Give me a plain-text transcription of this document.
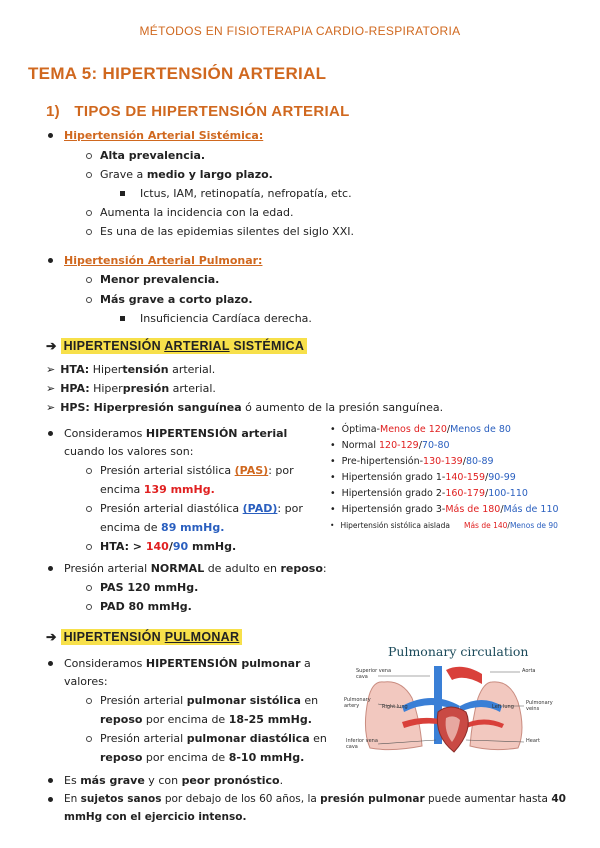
MÉTODOS EN FISIOTERAPIA CARDIO-RESPIRATORIA
TEMA 5: HIPERTENSIÓN ARTERIAL
1) TIPOS DE HIPERTENSIÓN ARTERIAL
Hipertensión Arterial Sistémica:
Alta prevalencia.
Grave a medio y largo plazo.
Ictus, IAM, retinopatía, nefropatía, etc.
Aumenta la incidencia con la edad.
Es una de las epidemias silentes del siglo XXI.
Hipertensión Arterial Pulmonar:
Menor prevalencia.
Más grave a corto plazo.
Insuficiencia Cardíaca derecha.
➔ HIPERTENSIÓN ARTERIAL SISTÉMICA
➢ HTA: Hipertensión arterial.
➢ HPA: Hiperpresión arterial.
➢ HPS: Hiperpresión sanguínea ó aumento de la presión sanguínea.
Consideramos HIPERTENSIÓN arterial
cuando los valores son:
Presión arterial sistólica (PAS): por
encima 139 mmHg.
Presión arterial diastólica (PAD): por
encima de 89 mmHg.
HTA: > 140/90 mmHg.
• Óptima-Menos de 120/Menos de 80
• Normal 120-129/70-80
• Pre-hipertensión-130-139/80-89
• Hipertensión grado 1-140-159/90-99
• Hipertensión grado 2-160-179/100-110
• Hipertensión grado 3-Más de 180/Más de 110
• Hipertensión sistólica aislada Más de 140/Menos de 90
Presión arterial NORMAL de adulto en reposo:
PAS 120 mmHg.
PAD 80 mmHg.
➔ HIPERTENSIÓN PULMONAR
Consideramos HIPERTENSIÓN pulmonar a
valores:
Presión arterial pulmonar sistólica en
reposo por encima de 18-25 mmHg.
Presión arterial pulmonar diastólica en
reposo por encima de 8-10 mmHg.
Es más grave y con peor pronóstico.
En sujetos sanos por debajo de los 60 años, la presión pulmonar puede aumentar hasta 40
mmHg con el ejercicio intenso.
Pulmonary circulation
Superior vena cava
Aorta
Pulmonary artery	Pulmonary veins
Right lung	Left lung
Inferior vena cava
Heart
